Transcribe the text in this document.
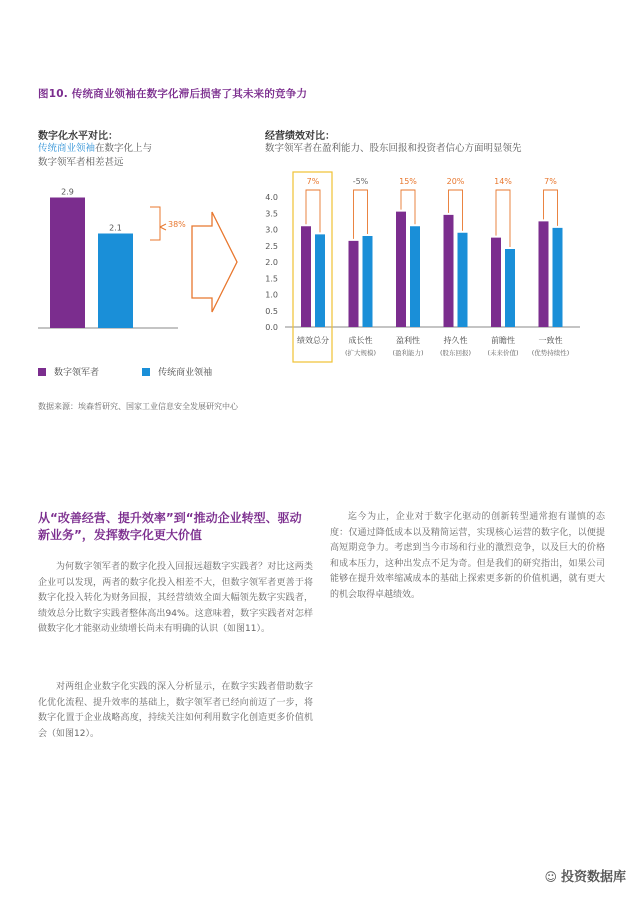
图10. 传统商业领袖在数字化滞后损害了其未来的竞争力
数字化水平对比：
传统商业领袖在数字化上与
数字领军者相差甚远
经营绩效对比：
数字领军者在盈利能力、股东回报和投资者信心方面明显领先
2.9
2.1	38%
4.0
3.5
3.0
2.5
2.0
1.5
1.0
0.5
0.0
7%
绩效总分
-5%
成长性
(扩大规模)
15%
盈利性
(盈利能力)
20%
持久性
(股东回报)
14%
前瞻性
(未来价值)
7%
一致性
(优势持续性)
数字领军者	传统商业领袖
数据来源：埃森哲研究、国家工业信息安全发展研究中心
从“改善经营、提升效率”到“推动企业转型、驱动新业务”，发挥数字化更大价值
为何数字领军者的数字化投入回报远超数字实践者？对比这两类企业可以发现，两者的数字化投入相差不大，但数字领军者更善于将数字化投入转化为财务回报，其经营绩效全面大幅领先数字实践者，绩效总分比数字实践者整体高出94%。这意味着，数字实践者对怎样做数字化才能驱动业绩增长尚未有明确的认识（如图11）。
对两组企业数字化实践的深入分析显示，在数字实践者借助数字化优化流程、提升效率的基础上，数字领军者已经向前迈了一步，将数字化置于企业战略高度，持续关注如何利用数字化创造更多价值机会（如图12）。
迄今为止，企业对于数字化驱动的创新转型通常抱有谨慎的态度：仅通过降低成本以及精简运营，实现核心运营的数字化，以便提高短期竞争力。考虑到当今市场和行业的激烈竞争，以及巨大的价格和成本压力，这种出发点不足为奇。但是我们的研究指出，如果公司能够在提升效率缩减成本的基础上探索更多新的价值机遇，就有更大的机会取得卓越绩效。
☺ 投资数据库
